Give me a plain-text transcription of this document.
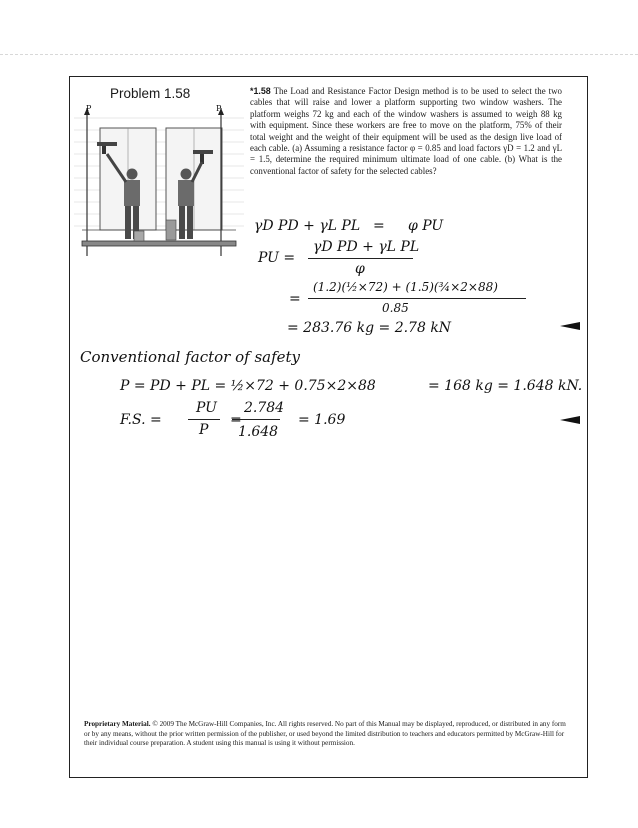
Problem 1.58	*1.58 The Load and Resistance Factor Design method is to be used to select the two cables that will raise and lower a platform supporting two window washers. The platform weighs 72 kg and each of the window washers is assumed to weigh 88 kg with equipment. Since these workers are free to move on the platform, 75% of their total weight and the weight of their equipment will be used as the design live load of each cable. (a) Assuming a resistance factor φ = 0.85 and load factors γD = 1.2 and γL = 1.5, determine the required minimum ultimate load of one cable. (b) What is the conventional factor of safety for the selected cables?
P	P
γD PD + γL PL = φ PU
PU =
γD PD + γL PL
φ
=
(1.2)(½×72) + (1.5)(¾×2×88)
0.85
= 283.76 kg = 2.78 kN
Conventional factor of safety
P = PD + PL = ½×72 + 0.75×2×88	= 168 kg = 1.648 kN.
F.S. =
PU
P
=
2.784
1.648
= 1.69
Proprietary Material. © 2009 The McGraw-Hill Companies, Inc. All rights reserved. No part of this Manual may be displayed, reproduced, or distributed in any form or by any means, without the prior written permission of the publisher, or used beyond the limited distribution to teachers and educators permitted by McGraw-Hill for their individual course preparation. A student using this manual is using it without permission.
